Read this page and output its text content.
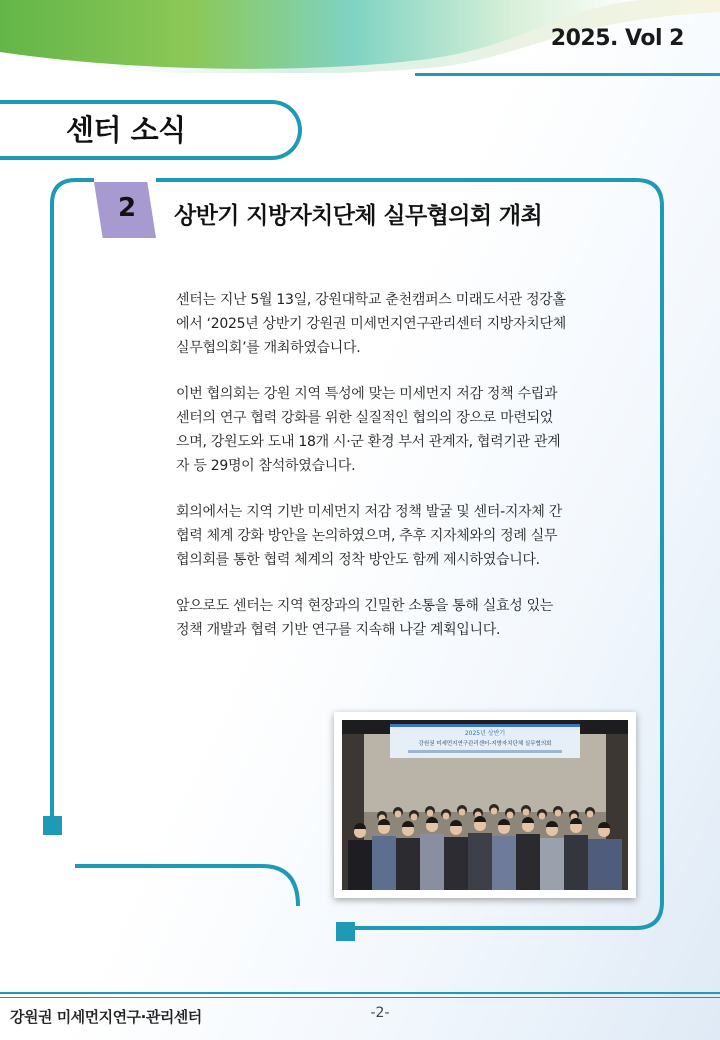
2025. Vol 2
센터 소식
2	상반기 지방자치단체 실무협의회 개최

센터는 지난 5월 13일, 강원대학교 춘천캠퍼스 미래도서관 정강홀에서 ‘2025년 상반기 강원권 미세먼지연구관리센터 지방자치단체 실무협의회’를 개최하였습니다.

이번 협의회는 강원 지역 특성에 맞는 미세먼지 저감 정책 수립과 센터의 연구 협력 강화를 위한 실질적인 협의의 장으로 마련되었으며, 강원도와 도내 18개 시·군 환경 부서 관계자, 협력기관 관계자 등 29명이 참석하였습니다.

회의에서는 지역 기반 미세먼지 저감 정책 발굴 및 센터-지자체 간 협력 체계 강화 방안을 논의하였으며, 추후 지자체와의 정례 실무협의회를 통한 협력 체계의 정착 방안도 함께 제시하였습니다.

앞으로도 센터는 지역 현장과의 긴밀한 소통을 통해 실효성 있는 정책 개발과 협력 기반 연구를 지속해 나갈 계획입니다.

2025년 상반기
강원권 미세먼지연구관리센터-지방자치단체 실무협의회
강원권 미세먼지연구·관리센터	-2-
